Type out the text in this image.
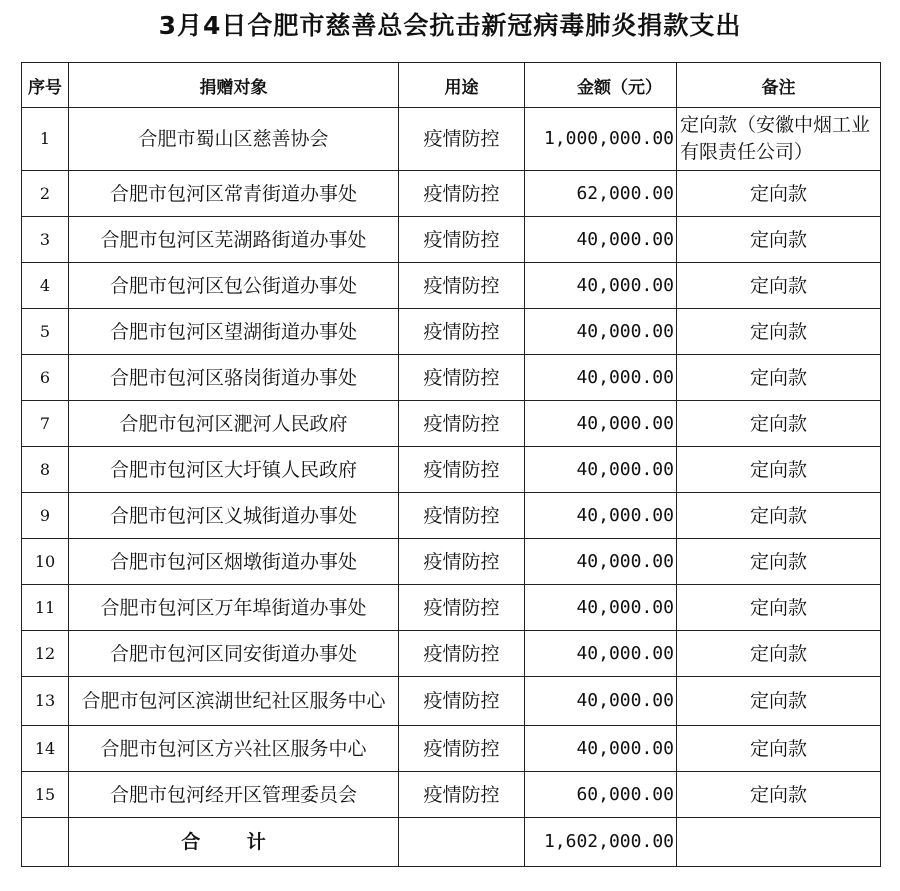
3月4日合肥市慈善总会抗击新冠病毒肺炎捐款支出
序号	捐赠对象	用途	金额（元）	备注
1	合肥市蜀山区慈善协会	疫情防控	1,000,000.00	定向款（安徽中烟工业有限责任公司）
2	合肥市包河区常青街道办事处	疫情防控	62,000.00	定向款
3	合肥市包河区芜湖路街道办事处	疫情防控	40,000.00	定向款
4	合肥市包河区包公街道办事处	疫情防控	40,000.00	定向款
5	合肥市包河区望湖街道办事处	疫情防控	40,000.00	定向款
6	合肥市包河区骆岗街道办事处	疫情防控	40,000.00	定向款
7	合肥市包河区淝河人民政府	疫情防控	40,000.00	定向款
8	合肥市包河区大圩镇人民政府	疫情防控	40,000.00	定向款
9	合肥市包河区义城街道办事处	疫情防控	40,000.00	定向款
10	合肥市包河区烟墩街道办事处	疫情防控	40,000.00	定向款
11	合肥市包河区万年埠街道办事处	疫情防控	40,000.00	定向款
12	合肥市包河区同安街道办事处	疫情防控	40,000.00	定向款
13	合肥市包河区滨湖世纪社区服务中心	疫情防控	40,000.00	定向款
14	合肥市包河区方兴社区服务中心	疫情防控	40,000.00	定向款
15	合肥市包河经开区管理委员会	疫情防控	60,000.00	定向款
	合 计		1,602,000.00	
